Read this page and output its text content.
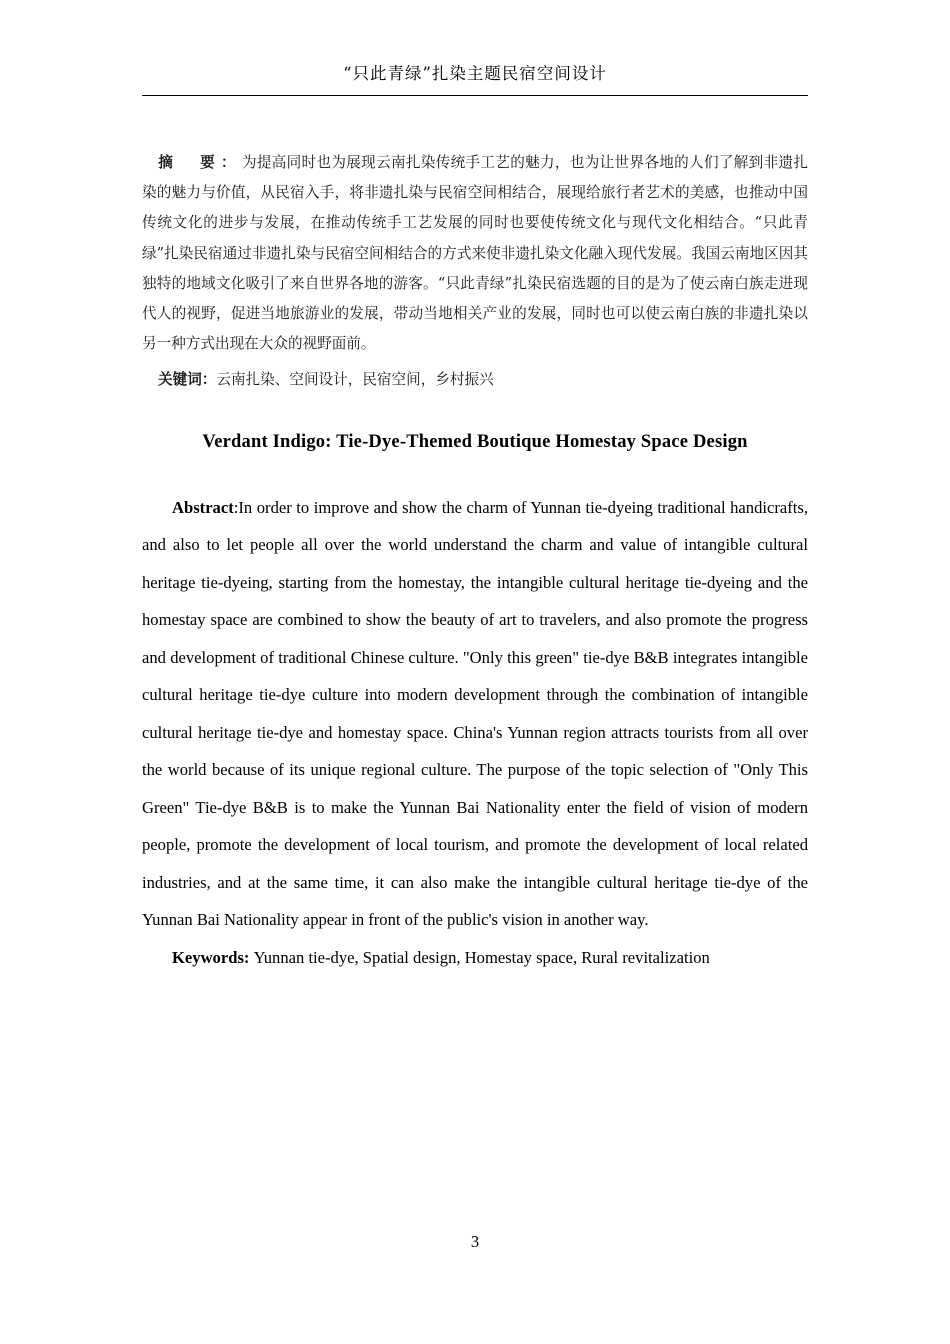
“只此青绿”扎染主题民宿空间设计

摘　要：为提高同时也为展现云南扎染传统手工艺的魅力，也为让世界各地的人们了解到非遗扎染的魅力与价值，从民宿入手，将非遗扎染与民宿空间相结合，展现给旅行者艺术的美感，也推动中国传统文化的进步与发展，在推动传统手工艺发展的同时也要使传统文化与现代文化相结合。“只此青绿”扎染民宿通过非遗扎染与民宿空间相结合的方式来使非遗扎染文化融入现代发展。我国云南地区因其独特的地域文化吸引了来自世界各地的游客。“只此青绿”扎染民宿选题的目的是为了使云南白族走进现代人的视野，促进当地旅游业的发展，带动当地相关产业的发展，同时也可以使云南白族的非遗扎染以另一种方式出现在大众的视野面前。

关键词：云南扎染、空间设计，民宿空间，乡村振兴

Verdant Indigo: Tie-Dye-Themed Boutique Homestay Space Design

Abstract:In order to improve and show the charm of Yunnan tie-dyeing traditional handicrafts, and also to let people all over the world understand the charm and value of intangible cultural heritage tie-dyeing, starting from the homestay, the intangible cultural heritage tie-dyeing and the homestay space are combined to show the beauty of art to travelers, and also promote the progress and development of traditional Chinese culture. "Only this green" tie-dye B&B integrates intangible cultural heritage tie-dye culture into modern development through the combination of intangible cultural heritage tie-dye and homestay space. China's Yunnan region attracts tourists from all over the world because of its unique regional culture. The purpose of the topic selection of "Only This Green" Tie-dye B&B is to make the Yunnan Bai Nationality enter the field of vision of modern people, promote the development of local tourism, and promote the development of local related industries, and at the same time, it can also make the intangible cultural heritage tie-dye of the Yunnan Bai Nationality appear in front of the public's vision in another way.

Keywords: Yunnan tie-dye, Spatial design, Homestay space, Rural revitalization

3
